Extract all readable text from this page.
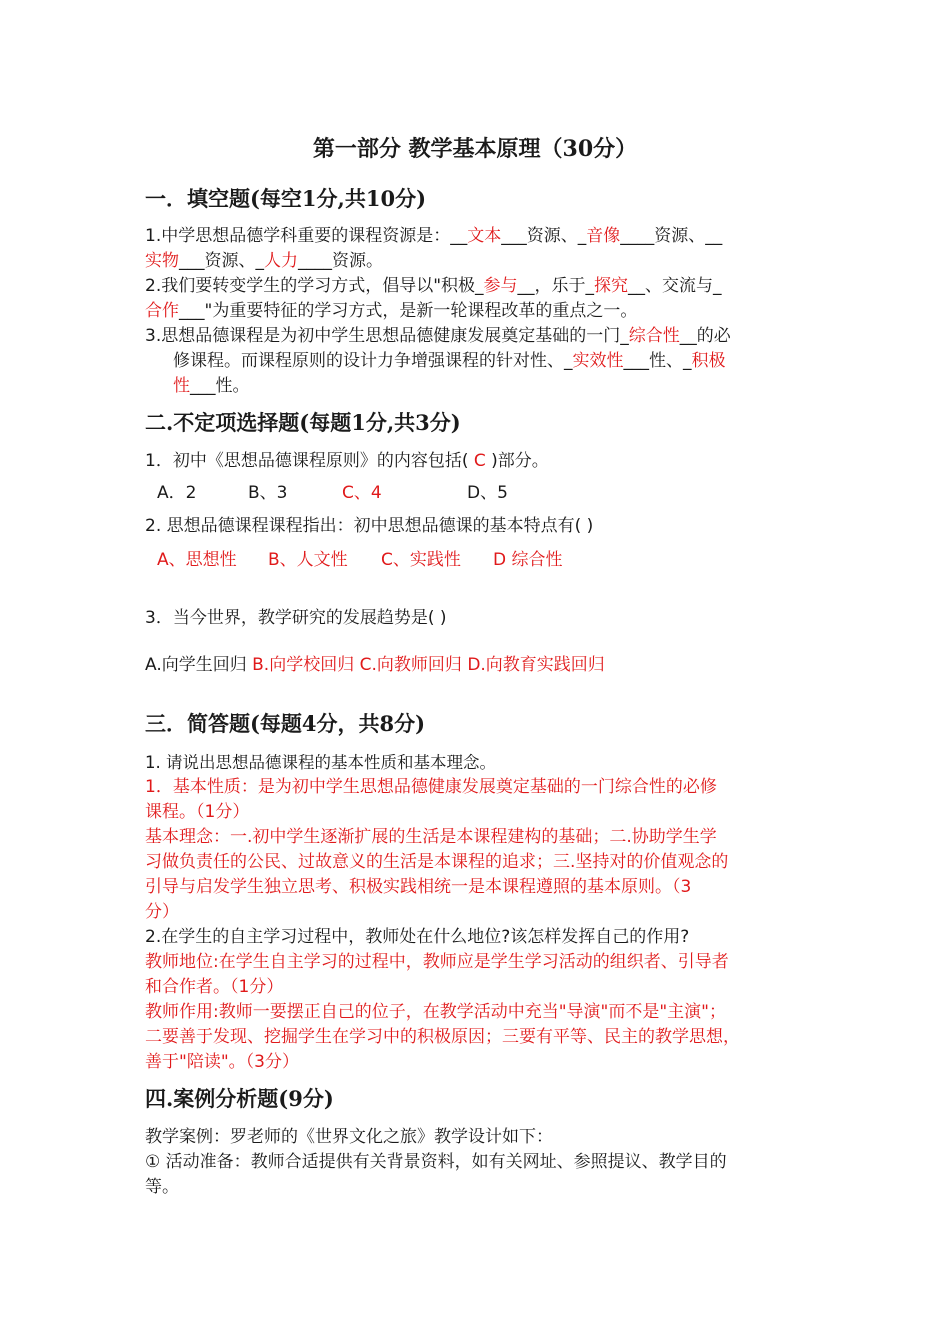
第一部分 教学基本原理（30分）
一．填空题(每空1分,共10分)
1.中学思想品德学科重要的课程资源是：__文本___资源、_音像____资源、__
实物___资源、_人力____资源。
2.我们要转变学生的学习方式，倡导以"积极_参与__，乐于_探究__、交流与_
合作___"为重要特征的学习方式，是新一轮课程改革的重点之一。
3.思想品德课程是为初中学生思想品德健康发展奠定基础的一门_综合性__的必
修课程。而课程原则的设计力争增强课程的针对性、_实效性___性、_积极
性___性。
二.不定项选择题(每题1分,共3分)
1．初中《思想品德课程原则》的内容包括( C )部分。
A．2	B、3	C、4	D、5
2. 思想品德课程课程指出：初中思想品德课的基本特点有( )
A、思想性 B、人文性 C、实践性 D 综合性
3．当今世界，教学研究的发展趋势是( )
A.向学生回归 B.向学校回归 C.向教师回归 D.向教育实践回归
三．简答题(每题4分，共8分)
1. 请说出思想品德课程的基本性质和基本理念。
1．基本性质：是为初中学生思想品德健康发展奠定基础的一门综合性的必修
课程。（1分）
基本理念：一.初中学生逐渐扩展的生活是本课程建构的基础；二.协助学生学
习做负责任的公民、过故意义的生活是本课程的追求；三.坚持对的价值观念的
引导与启发学生独立思考、积极实践相统一是本课程遵照的基本原则。（3
分）
2.在学生的自主学习过程中，教师处在什么地位?该怎样发挥自己的作用?
教师地位:在学生自主学习的过程中，教师应是学生学习活动的组织者、引导者
和合作者。（1分）
教师作用:教师一要摆正自己的位子，在教学活动中充当"导演"而不是"主演"；
二要善于发现、挖掘学生在学习中的积极原因；三要有平等、民主的教学思想，
善于"陪读"。（3分）
四.案例分析题(9分)
教学案例：罗老师的《世界文化之旅》教学设计如下：
① 活动准备：教师合适提供有关背景资料，如有关网址、参照提议、教学目的
等。
